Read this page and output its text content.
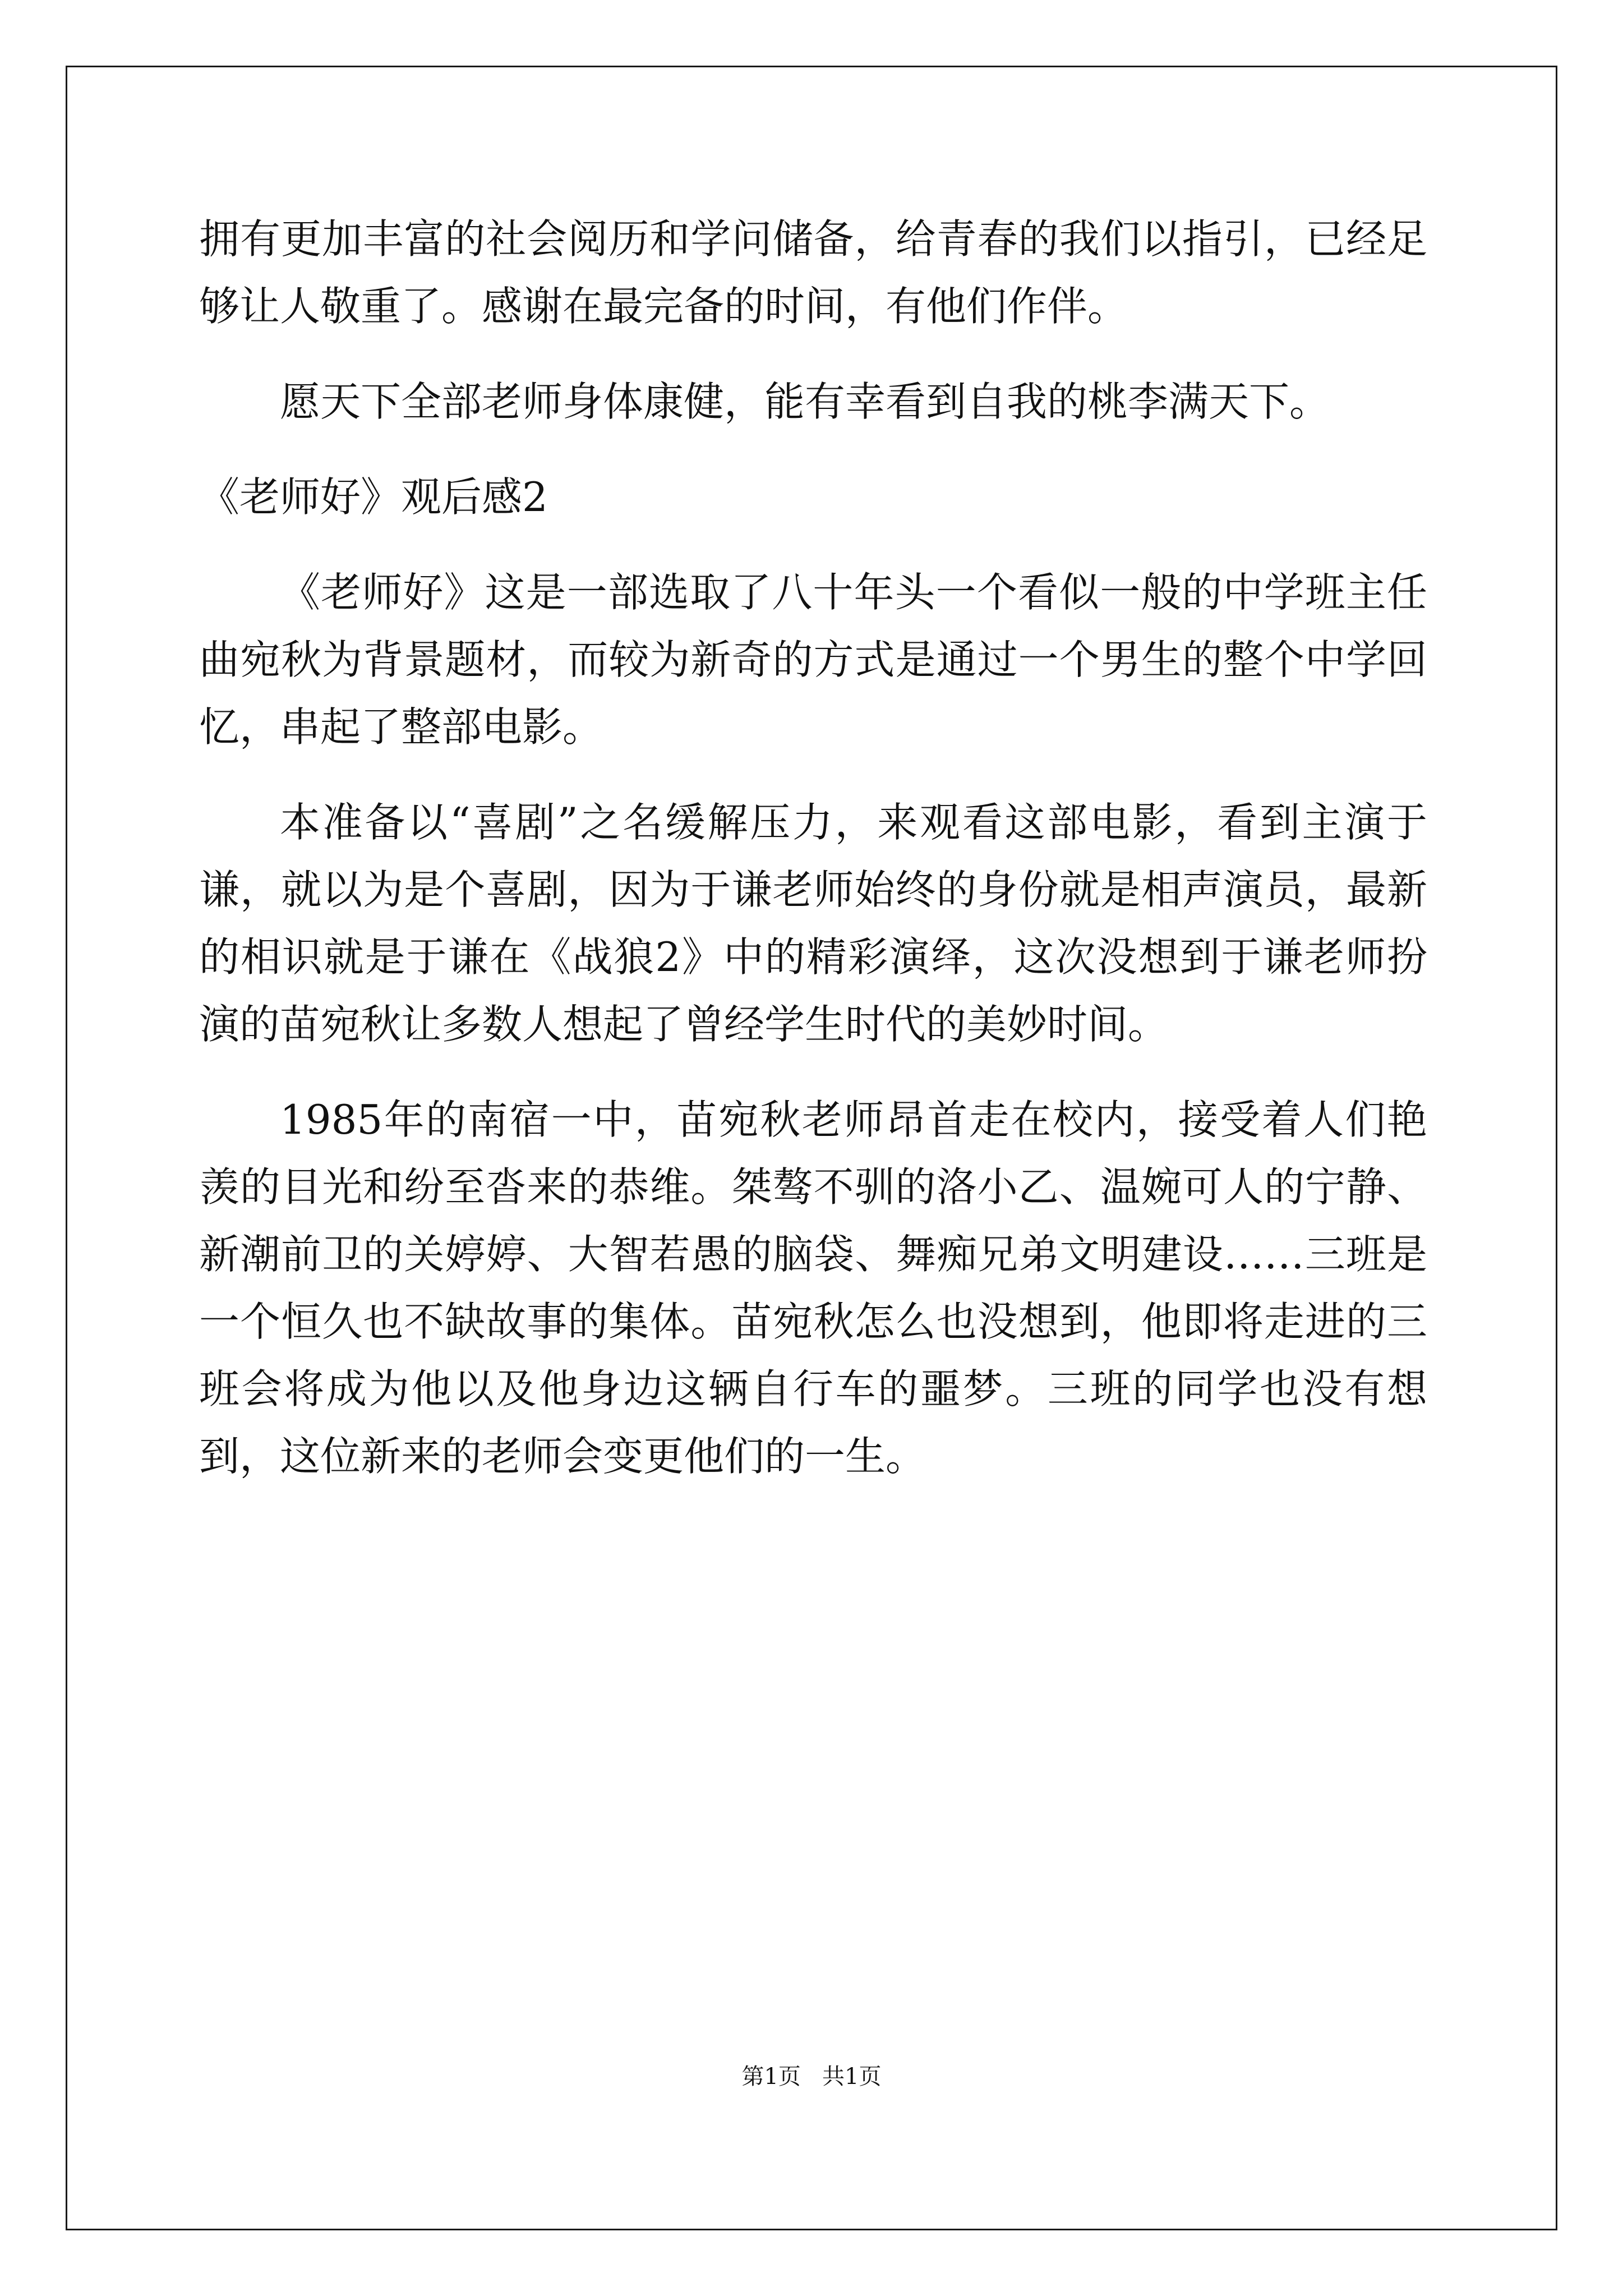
拥有更加丰富的社会阅历和学问储备，给青春的我们以指引，已经足够让人敬重了。感谢在最完备的时间，有他们作伴。

愿天下全部老师身体康健，能有幸看到自我的桃李满天下。

《老师好》观后感2

《老师好》这是一部选取了八十年头一个看似一般的中学班主任曲宛秋为背景题材，而较为新奇的方式是通过一个男生的整个中学回忆，串起了整部电影。

本准备以“喜剧”之名缓解压力，来观看这部电影，看到主演于谦，就以为是个喜剧，因为于谦老师始终的身份就是相声演员，最新的相识就是于谦在《战狼2》中的精彩演绎，这次没想到于谦老师扮演的苗宛秋让多数人想起了曾经学生时代的美妙时间。

1985年的南宿一中，苗宛秋老师昂首走在校内，接受着人们艳羡的目光和纷至沓来的恭维。桀骜不驯的洛小乙、温婉可人的宁静、新潮前卫的关婷婷、大智若愚的脑袋、舞痴兄弟文明建设……三班是一个恒久也不缺故事的集体。苗宛秋怎么也没想到，他即将走进的三班会将成为他以及他身边这辆自行车的噩梦。三班的同学也没有想到，这位新来的老师会变更他们的一生。

第1页   共1页
